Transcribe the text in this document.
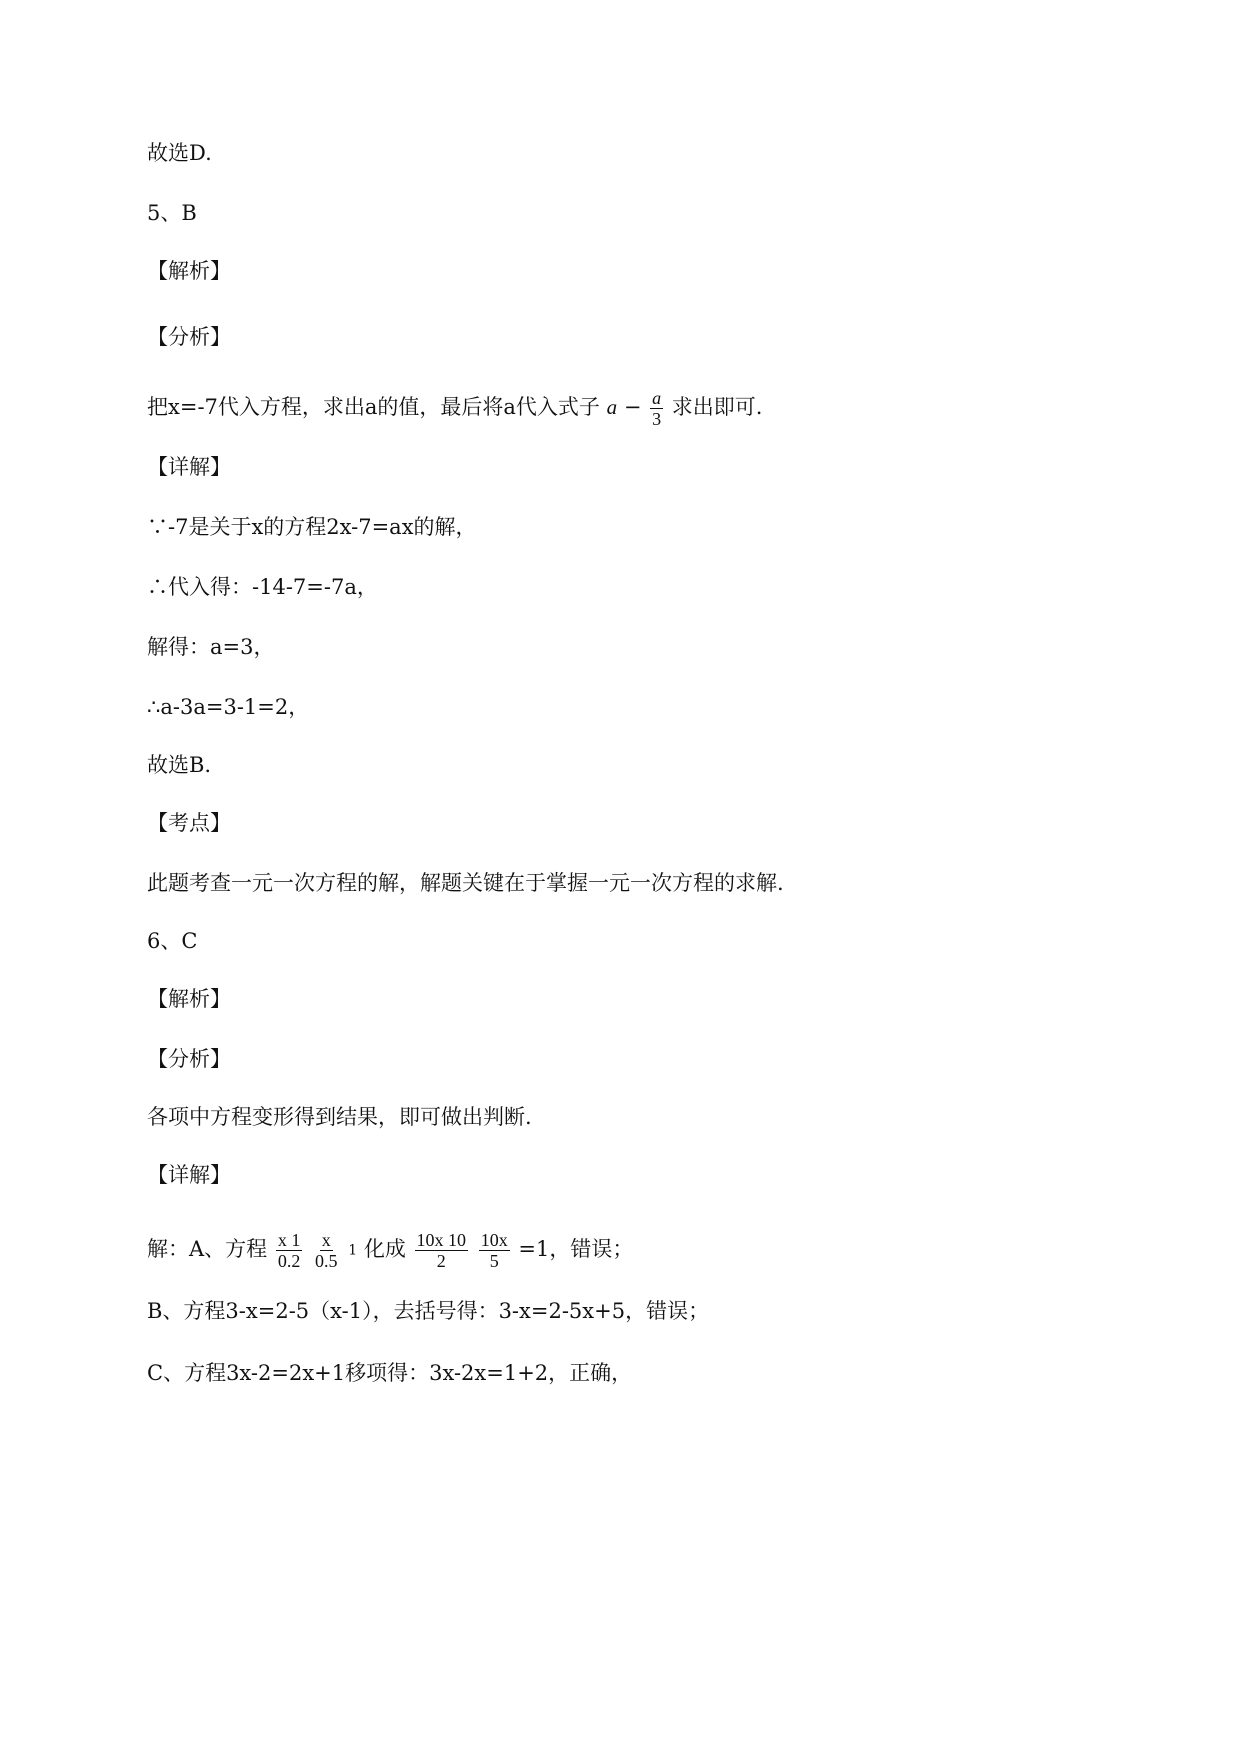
故选D.
5、B
【解析】
【分析】
把x=-7代入方程，求出a的值，最后将a代入式子 $a - \frac{a}{3}$ 求出即可.
【详解】
∵-7是关于x的方程2x-7=ax的解，
∴代入得：-14-7=-7a，
解得：a=3，
∴a-3a=3-1=2，
故选B.
【考点】
此题考查一元一次方程的解，解题关键在于掌握一元一次方程的求解.
6、C
【解析】
【分析】
各项中方程变形得到结果，即可做出判断.
【详解】
解：A、方程 $\frac{x 1}{0.2}$
$\frac{x}{0.5} 1$ 化成 $\frac{10x 10}{2}$
$\frac{10x}{5} =1$，错误；
B、方程3-x=2-5（x-1），去括号得：3-x=2-5x+5，错误；
C、方程3x-2=2x+1移项得：3x-2x=1+2，正确，
